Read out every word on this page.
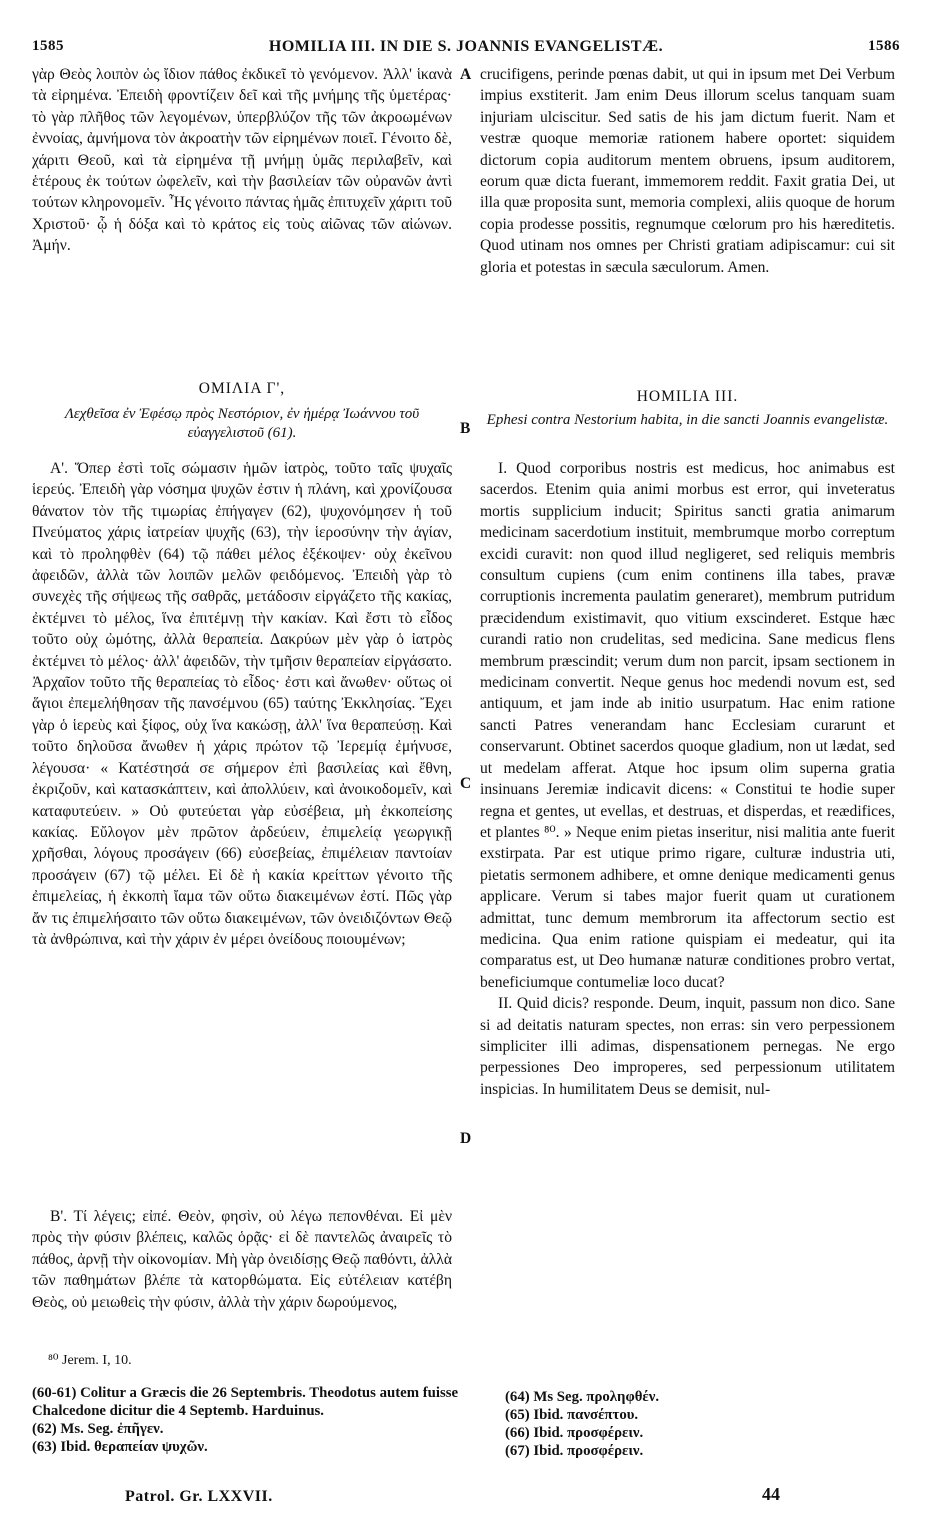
1585	HOMILIA III. IN DIE S. JOANNIS EVANGELISTÆ.	1586

γὰρ Θεὸς λοιπὸν ὡς ἴδιον πάθος ἐκδικεῖ τὸ γενόμενον. Ἀλλ' ἱκανὰ τὰ εἰρημένα. Ἐπειδὴ φροντίζειν δεῖ καὶ τῆς μνήμης τῆς ὑμετέρας· τὸ γὰρ πλῆθος τῶν λεγομένων, ὑπερβλύζον τῆς τῶν ἀκροωμένων ἐννοίας, ἀμνήμονα τὸν ἀκροατὴν τῶν εἰρημένων ποιεῖ. Γένοιτο δὲ, χάριτι Θεοῦ, καὶ τὰ εἰρημένα τῇ μνήμῃ ὑμᾶς περιλαβεῖν, καὶ ἑτέρους ἐκ τούτων ὠφελεῖν, καὶ τὴν βασιλείαν τῶν οὐρανῶν ἀντὶ τούτων κληρονομεῖν. Ἧς γένοιτο πάντας ἡμᾶς ἐπιτυχεῖν χάριτι τοῦ Χριστοῦ· ᾧ ἡ δόξα καὶ τὸ κράτος εἰς τοὺς αἰῶνας τῶν αἰώνων. Ἀμήν.

ΟΜΙΛΙΑ Γ',

Λεχθεῖσα ἐν Ἐφέσῳ πρὸς Νεστόριον, ἐν ἡμέρᾳ Ἰωάννου τοῦ εὐαγγελιστοῦ (61).

Α'. Ὅπερ ἐστὶ τοῖς σώμασιν ἡμῶν ἰατρὸς, τοῦτο ταῖς ψυχαῖς ἱερεύς. Ἐπειδὴ γὰρ νόσημα ψυχῶν ἐστιν ἡ πλάνη, καὶ χρονίζουσα θάνατον τὸν τῆς τιμωρίας ἐπήγαγεν (62), ψυχονόμησεν ἡ τοῦ Πνεύματος χάρις ἰατρείαν ψυχῆς (63), τὴν ἱεροσύνην τὴν ἁγίαν, καὶ τὸ προληφθὲν (64) τῷ πάθει μέλος ἐξέκοψεν· οὐχ ἐκεῖνου ἀφειδῶν, ἀλλὰ τῶν λοιπῶν μελῶν φειδόμενος. Ἐπειδὴ γὰρ τὸ συνεχὲς τῆς σήψεως τῆς σαθρᾶς, μετάδοσιν εἰργάζετο τῆς κακίας, ἐκτέμνει τὸ μέλος, ἵνα ἐπιτέμνῃ τὴν κακίαν. Καὶ ἔστι τὸ εἶδος τοῦτο οὐχ ὠμότης, ἀλλὰ θεραπεία. Δακρύων μὲν γὰρ ὁ ἰατρὸς ἐκτέμνει τὸ μέλος· ἀλλ' ἀφειδῶν, τὴν τμῆσιν θεραπείαν εἰργάσατο. Ἀρχαῖον τοῦτο τῆς θεραπείας τὸ εἶδος· ἐστι καὶ ἄνωθεν· οὕτως οἱ ἅγιοι ἐπεμελήθησαν τῆς πανσέμνου (65) ταύτης Ἐκκλησίας. Ἔχει γὰρ ὁ ἱερεὺς καὶ ξίφος, οὐχ ἵνα κακώσῃ, ἀλλ' ἵνα θεραπεύσῃ. Καὶ τοῦτο δηλοῦσα ἄνωθεν ἡ χάρις πρώτον τῷ Ἰερεμίᾳ ἐμήνυσε, λέγουσα· « Κατέστησά σε σήμερον ἐπὶ βασιλείας καὶ ἔθνη, ἐκριζοῦν, καὶ κατασκάπτειν, καὶ ἀπολλύειν, καὶ ἀνοικοδομεῖν, καὶ καταφυτεύειν. » Οὐ φυτεύεται γὰρ εὐσέβεια, μὴ ἐκκοπείσης κακίας. Εὔλογον μὲν πρῶτον ἀρδεύειν, ἐπιμελείᾳ γεωργικῇ χρῆσθαι, λόγους προσάγειν (66) εὐσεβείας, ἐπιμέλειαν παντοίαν προσάγειν (67) τῷ μέλει. Εἰ δὲ ἡ κακία κρείττων γένοιτο τῆς ἐπιμελείας, ἡ ἐκκοπὴ ἴαμα τῶν οὕτω διακειμένων ἐστί. Πῶς γὰρ ἄν τις ἐπιμελήσαιτο τῶν οὕτω διακειμένων, τῶν ὀνειδιζόντων Θεῷ τὰ ἀνθρώπινα, καὶ τὴν χάριν ἐν μέρει ὀνείδους ποιουμένων;

Β'. Τί λέγεις; εἰπέ. Θεὸν, φησὶν, οὐ λέγω πεπονθέναι. Εἰ μὲν πρὸς τὴν φύσιν βλέπεις, καλῶς ὁρᾷς· εἰ δὲ παντελῶς ἀναιρεῖς τὸ πάθος, ἀρνῇ τὴν οἰκονομίαν. Μὴ γὰρ ὀνειδίσῃς Θεῷ παθόντι, ἀλλὰ τῶν παθημάτων βλέπε τὰ κατορθώματα. Εἰς εὐτέλειαν κατέβη Θεὸς, οὐ μειωθεὶς τὴν φύσιν, ἀλλὰ τὴν χάριν δωρούμενος,

crucifigens, perinde pœnas dabit, ut qui in ipsum met Dei Verbum impius exstiterit. Jam enim Deus illorum scelus tanquam suam injuriam ulciscitur. Sed satis de his jam dictum fuerit. Nam et vestræ quoque memoriæ rationem habere oportet: siquidem dictorum copia auditorum mentem obruens, ipsum auditorem, eorum quæ dicta fuerant, immemorem reddit. Faxit gratia Dei, ut illa quæ proposita sunt, memoria complexi, aliis quoque de horum copia prodesse possitis, regnumque cœlorum pro his hæreditetis. Quod utinam nos omnes per Christi gratiam adipiscamur: cui sit gloria et potestas in sæcula sæculorum. Amen.

HOMILIA III.

Ephesi contra Nestorium habita, in die sancti Joannis evangelistæ.

I. Quod corporibus nostris est medicus, hoc animabus est sacerdos. Etenim quia animi morbus est error, qui inveteratus mortis supplicium inducit; Spiritus sancti gratia animarum medicinam sacerdotium instituit, membrumque morbo correptum excidi curavit: non quod illud negligeret, sed reliquis membris consultum cupiens (cum enim continens illa tabes, pravæ corruptionis incrementa paulatim generaret), membrum putridum præcidendum existimavit, quo vitium exscinderet. Estque hæc curandi ratio non crudelitas, sed medicina. Sane medicus flens membrum præscindit; verum dum non parcit, ipsam sectionem in medicinam convertit. Neque genus hoc medendi novum est, sed antiquum, et jam inde ab initio usurpatum. Hac enim ratione sancti Patres venerandam hanc Ecclesiam curarunt et conservarunt. Obtinet sacerdos quoque gladium, non ut lædat, sed ut medelam afferat. Atque hoc ipsum olim superna gratia insinuans Jeremiæ indicavit dicens: « Constitui te hodie super regna et gentes, ut evellas, et destruas, et disperdas, et reædifices, et plantes ⁸⁰. » Neque enim pietas inseritur, nisi malitia ante fuerit exstirpata. Par est utique primo rigare, culturæ industria uti, pietatis sermonem adhibere, et omne denique medicamenti genus applicare. Verum si tabes major fuerit quam ut curationem admittat, tunc demum membrorum ita affectorum sectio est medicina. Qua enim ratione quispiam ei medeatur, qui ita comparatus est, ut Deo humanæ naturæ conditiones probro vertat, beneficiumque contumeliæ loco ducat?

II. Quid dicis? responde. Deum, inquit, passum non dico. Sane si ad deitatis naturam spectes, non erras: sin vero perpessionem simpliciter illi adimas, dispensationem pernegas. Ne ergo perpessiones Deo improperes, sed perpessionum utilitatem inspicias. In humilitatem Deus se demisit, nul-

A
B
C
D
⁸⁰ Jerem. I, 10.

(60-61) Colitur a Græcis die 26 Septembris. Theodotus autem fuisse Chalcedone dicitur die 4 Septemb. Harduinus.

(62) Ms. Seg. ἐπῆγεν.

(63) Ibid. θεραπείαν ψυχῶν.

(64) Ms Seg. προληφθέν.

(65) Ibid. πανσέπτου.

(66) Ibid. προσφέρειν.

(67) Ibid. προσφέρειν.

Patrol. Gr. LXXVII.	44
